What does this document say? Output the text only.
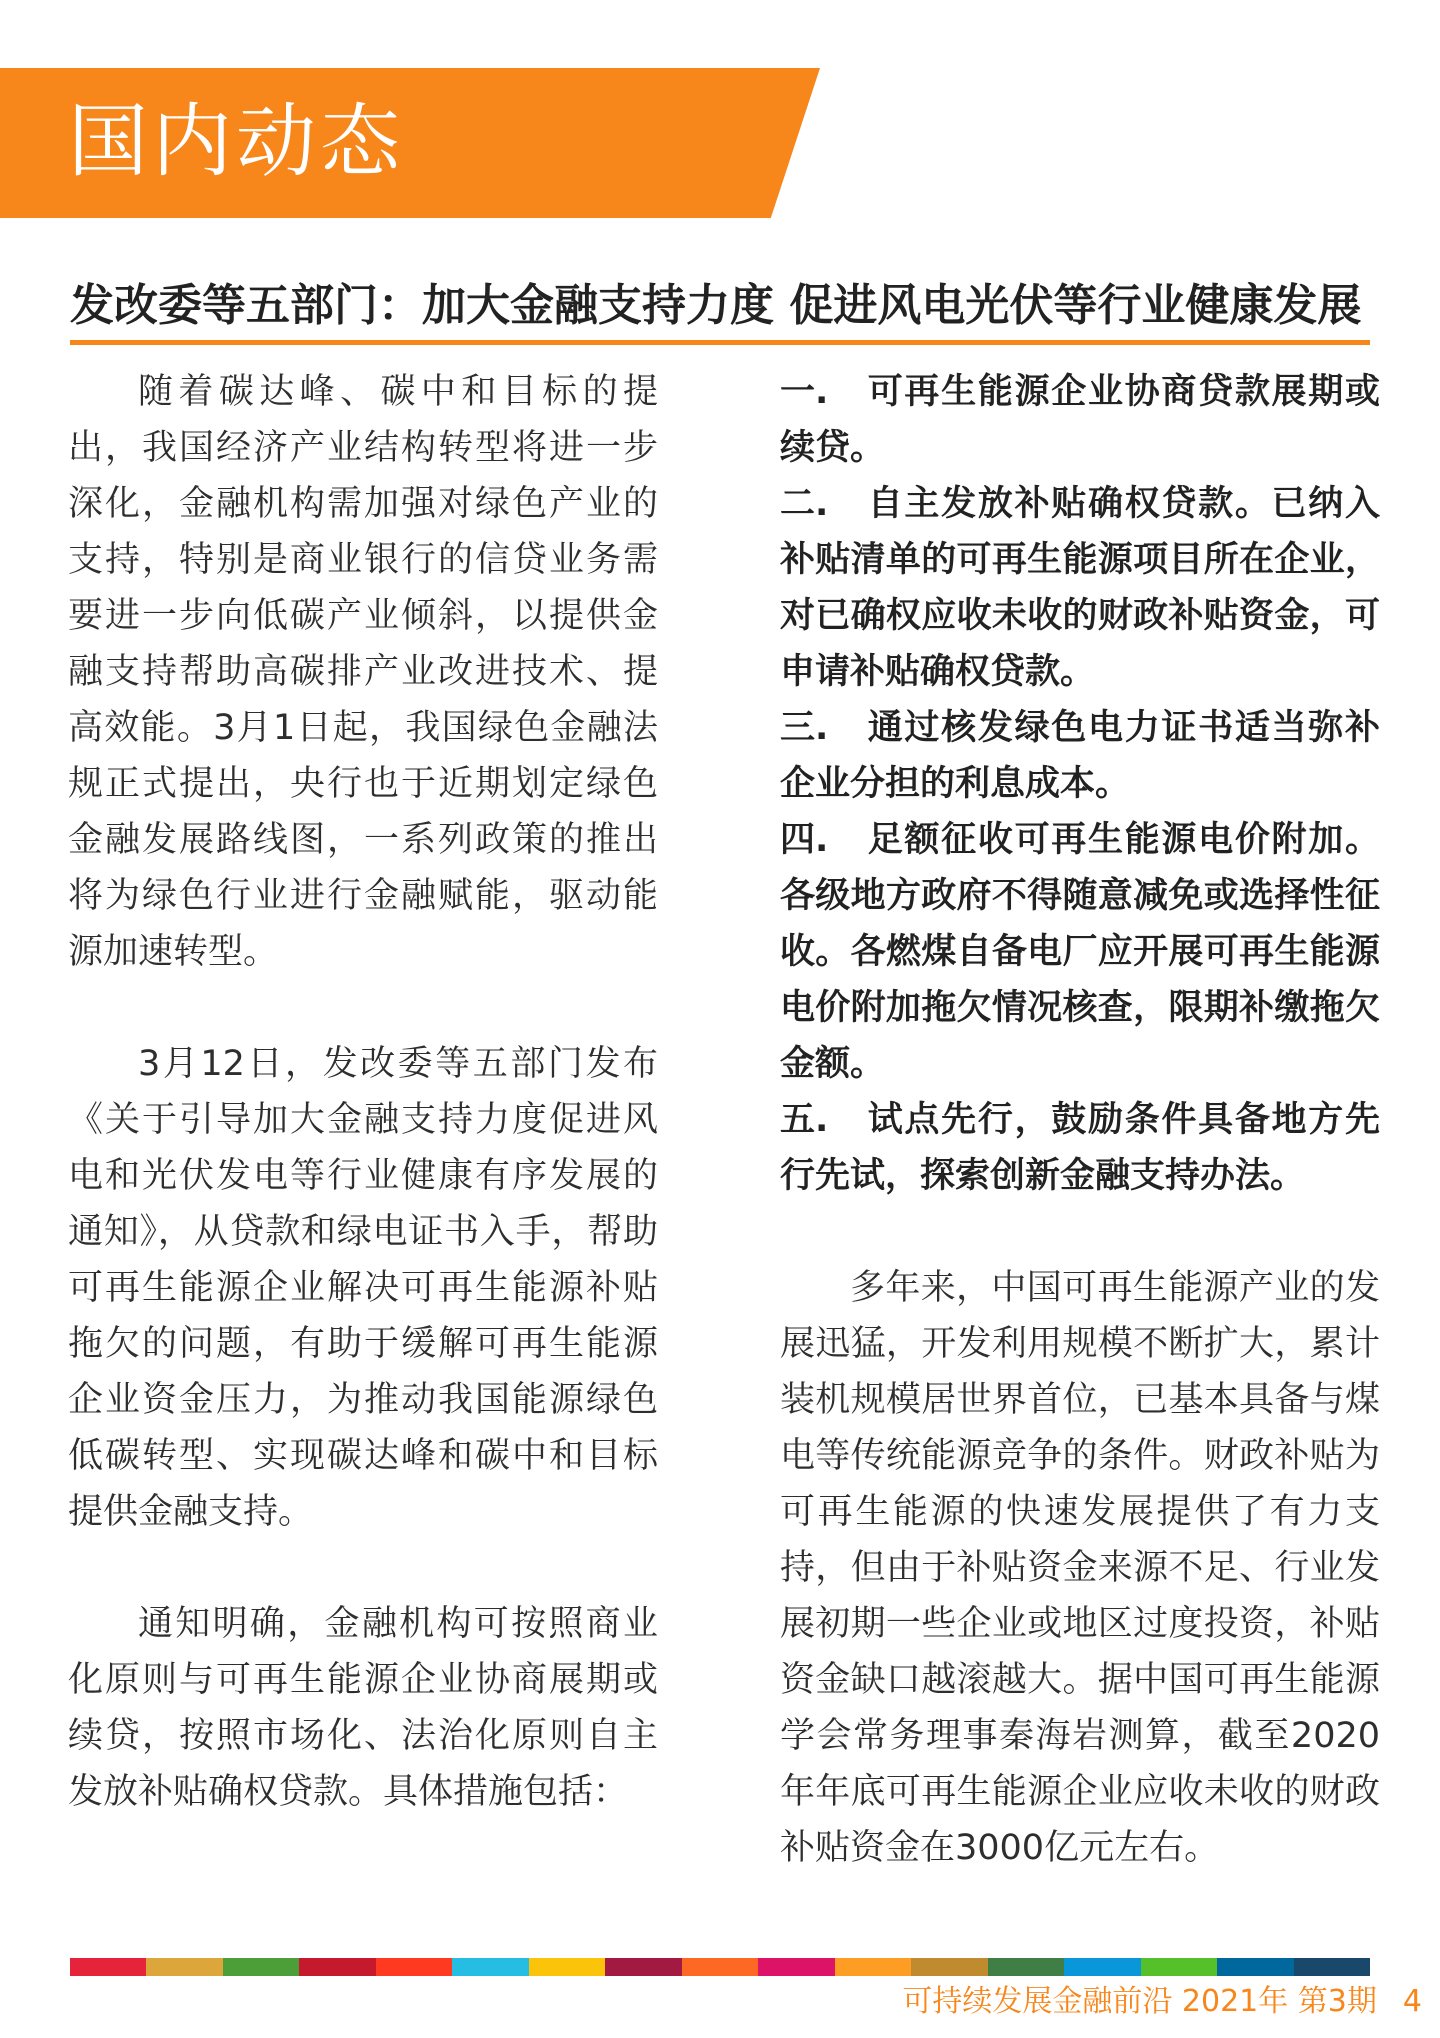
国内动态
发改委等五部门：加大金融支持力度 促进风电光伏等行业健康发展

随着碳达峰、碳中和目标的提出，我国经济产业结构转型将进一步深化，金融机构需加强对绿色产业的支持，特别是商业银行的信贷业务需要进一步向低碳产业倾斜，以提供金融支持帮助高碳排产业改进技术、提高效能。3月1日起，我国绿色金融法规正式提出，央行也于近期划定绿色金融发展路线图，一系列政策的推出将为绿色行业进行金融赋能，驱动能源加速转型。

3月12日，发改委等五部门发布《关于引导加大金融支持力度促进风电和光伏发电等行业健康有序发展的通知》，从贷款和绿电证书入手，帮助可再生能源企业解决可再生能源补贴拖欠的问题，有助于缓解可再生能源企业资金压力，为推动我国能源绿色低碳转型、实现碳达峰和碳中和目标提供金融支持。

通知明确，金融机构可按照商业化原则与可再生能源企业协商展期或续贷，按照市场化、法治化原则自主发放补贴确权贷款。具体措施包括：

一. 可再生能源企业协商贷款展期或续贷。

二. 自主发放补贴确权贷款。已纳入补贴清单的可再生能源项目所在企业，对已确权应收未收的财政补贴资金，可申请补贴确权贷款。

三. 通过核发绿色电力证书适当弥补企业分担的利息成本。

四. 足额征收可再生能源电价附加。各级地方政府不得随意减免或选择性征收。各燃煤自备电厂应开展可再生能源电价附加拖欠情况核查，限期补缴拖欠金额。

五. 试点先行，鼓励条件具备地方先行先试，探索创新金融支持办法。

多年来，中国可再生能源产业的发展迅猛，开发利用规模不断扩大，累计装机规模居世界首位，已基本具备与煤电等传统能源竞争的条件。财政补贴为可再生能源的快速发展提供了有力支持，但由于补贴资金来源不足、行业发展初期一些企业或地区过度投资，补贴资金缺口越滚越大。据中国可再生能源学会常务理事秦海岩测算，截至2020年年底可再生能源企业应收未收的财政补贴资金在3000亿元左右。

可持续发展金融前沿 2021年 第3期 4
